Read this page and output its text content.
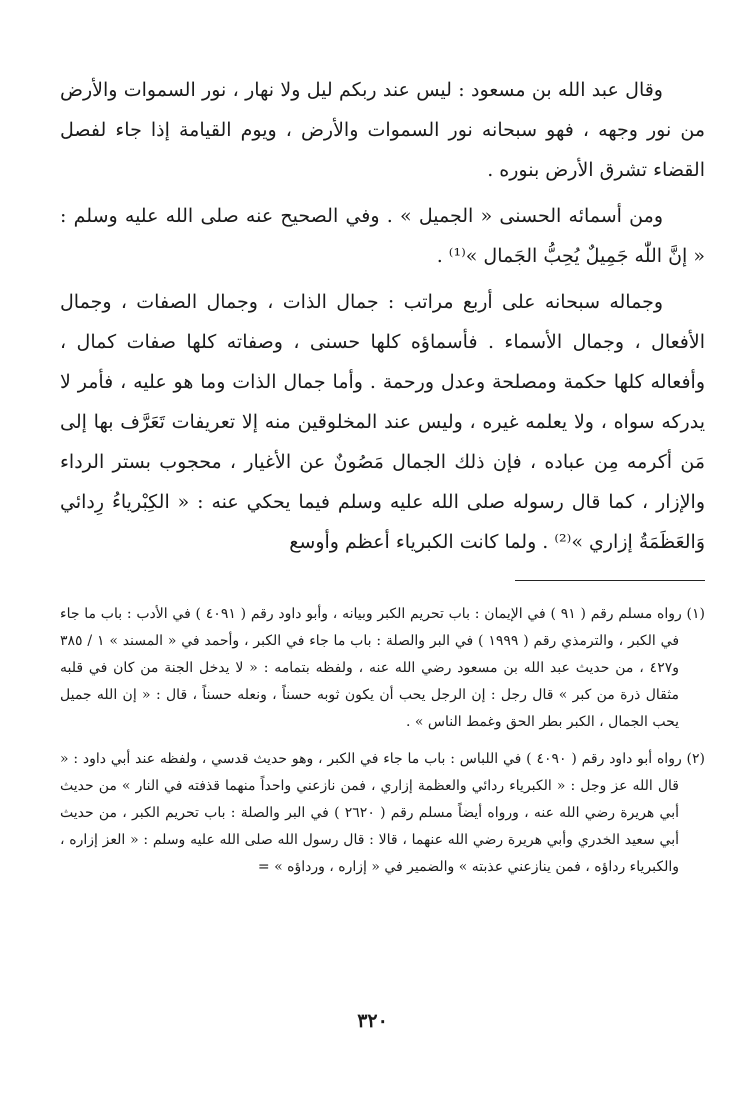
وقال عبد الله بن مسعود : ليس عند ربكم ليل ولا نهار ، نور السموات والأرض من نور وجهه ، فهو سبحانه نور السموات والأرض ، ويوم القيامة إذا جاء لفصل القضاء تشرق الأرض بنوره .

ومن أسمائه الحسنى « الجميل » . وفي الصحيح عنه صلى الله عليه وسلم : « إنَّ اللّٰه جَمِيلٌ يُحِبُّ الجَمال »⁽¹⁾ .

وجماله سبحانه على أربع مراتب : جمال الذات ، وجمال الصفات ، وجمال الأفعال ، وجمال الأسماء . فأسماؤه كلها حسنى ، وصفاته كلها صفات كمال ، وأفعاله كلها حكمة ومصلحة وعدل ورحمة . وأما جمال الذات وما هو عليه ، فأمر لا يدركه سواه ، ولا يعلمه غيره ، وليس عند المخلوقين منه إلا تعريفات تَعَرَّف بها إلى مَن أكرمه مِن عباده ، فإن ذلك الجمال مَصُونٌ عن الأغيار ، محجوب بستر الرداء والإزار ، كما قال رسوله صلى الله عليه وسلم فيما يحكي عنه : « الكِبْرياءُ رِدائي وَالعَظَمَةُ إزاري »⁽²⁾ . ولما كانت الكبرياء أعظم وأوسع

(١) رواه مسلم رقم ( ٩١ ) في الإيمان : باب تحريم الكبر وبيانه ، وأبو داود رقم ( ٤٠٩١ ) في الأدب : باب ما جاء في الكبر ، والترمذي رقم ( ١٩٩٩ ) في البر والصلة : باب ما جاء في الكبر ، وأحمد في « المسند » ١ / ٣٨٥ و٤٢٧ ، من حديث عبد الله بن مسعود رضي الله عنه ، ولفظه بتمامه : « لا يدخل الجنة من كان في قلبه مثقال ذرة من كبر » قال رجل : إن الرجل يحب أن يكون ثوبه حسناً ، ونعله حسناً ، قال : « إن الله جميل يحب الجمال ، الكبر بطر الحق وغمط الناس » .

(٢) رواه أبو داود رقم ( ٤٠٩٠ ) في اللباس : باب ما جاء في الكبر ، وهو حديث قدسي ، ولفظه عند أبي داود : « قال الله عز وجل : « الكبرياء ردائي والعظمة إزاري ، فمن نازعني واحداً منهما قذفته في النار » من حديث أبي هريرة رضي الله عنه ، ورواه أيضاً مسلم رقم ( ٢٦٢٠ ) في البر والصلة : باب تحريم الكبر ، من حديث أبي سعيد الخدري وأبي هريرة رضي الله عنهما ، قالا : قال رسول الله صلى الله عليه وسلم : « العز إزاره ، والكبرياء رداؤه ، فمن ينازعني عذبته » والضمير في « إزاره ، ورداؤه » =

٣٢٠
